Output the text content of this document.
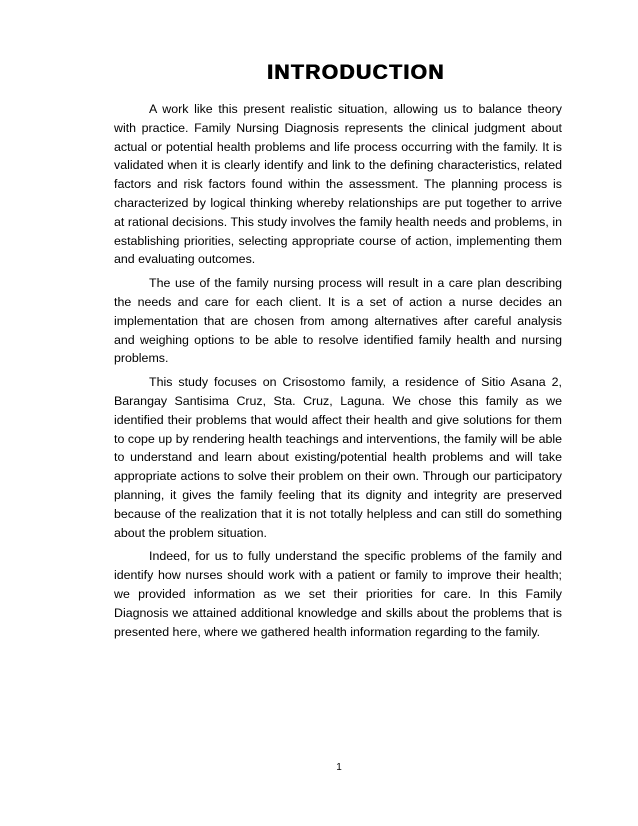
INTRODUCTION

A work like this present realistic situation, allowing us to balance theory with practice. Family Nursing Diagnosis represents the clinical judgment about actual or potential health problems and life process occurring with the family. It is validated when it is clearly identify and link to the defining characteristics, related factors and risk factors found within the assessment. The planning process is characterized by logical thinking whereby relationships are put together to arrive at rational decisions. This study involves the family health needs and problems, in establishing priorities, selecting appropriate course of action, implementing them and evaluating outcomes.

The use of the family nursing process will result in a care plan describing the needs and care for each client. It is a set of action a nurse decides an implementation that are chosen from among alternatives after careful analysis and weighing options to be able to resolve identified family health and nursing problems.

This study focuses on Crisostomo family, a residence of Sitio Asana 2, Barangay Santisima Cruz, Sta. Cruz, Laguna. We chose this family as we identified their problems that would affect their health and give solutions for them to cope up by rendering health teachings and interventions, the family will be able to understand and learn about existing/potential health problems and will take appropriate actions to solve their problem on their own. Through our participatory planning, it gives the family feeling that its dignity and integrity are preserved because of the realization that it is not totally helpless and can still do something about the problem situation.

Indeed, for us to fully understand the specific problems of the family and identify how nurses should work with a patient or family to improve their health; we provided information as we set their priorities for care. In this Family Diagnosis we attained additional knowledge and skills about the problems that is presented here, where we gathered health information regarding to the family.

1
